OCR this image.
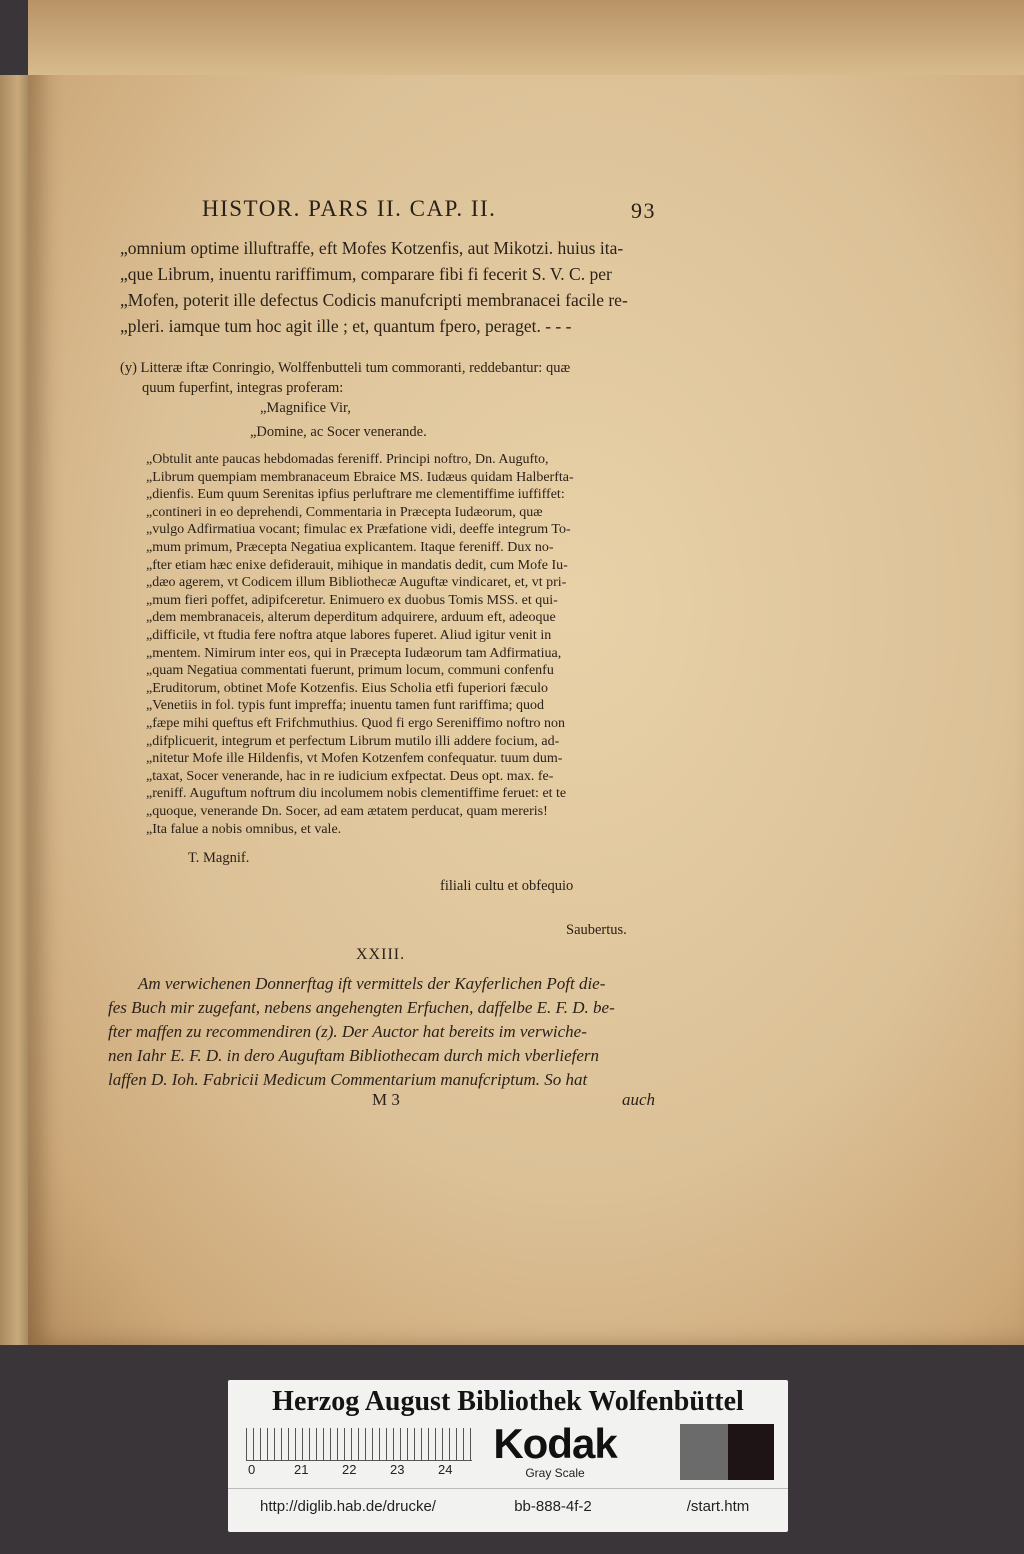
HISTOR. PARS II. CAP. II.	93
„omnium optime illuftraffe, eft Mofes Kotzenfis, aut Mikotzi. huius ita-
„que Librum, inuentu rariffimum, comparare fibi fi fecerit S. V. C. per
„Mofen, poterit ille defectus Codicis manufcripti membranacei facile re-
„pleri. iamque tum hoc agit ille ; et, quantum fpero, peraget. - - -
(y) Litteræ iftæ Conringio, Wolffenbutteli tum commoranti, reddebantur: quæ
quum fuperfint, integras proferam:
„Magnifice Vir,
„Domine, ac Socer venerande.
„Obtulit ante paucas hebdomadas fereniff. Principi noftro, Dn. Augufto,
„Librum quempiam membranaceum Ebraice MS. Iudæus quidam Halberfta-
„dienfis. Eum quum Serenitas ipfius perluftrare me clementiffime iuffiffet:
„contineri in eo deprehendi, Commentaria in Præcepta Iudæorum, quæ
„vulgo Adfirmatiua vocant; fimulac ex Præfatione vidi, deeffe integrum To-
„mum primum, Præcepta Negatiua explicantem. Itaque fereniff. Dux no-
„fter etiam hæc enixe defiderauit, mihique in mandatis dedit, cum Mofe Iu-
„dæo agerem, vt Codicem illum Bibliothecæ Auguftæ vindicaret, et, vt pri-
„mum fieri poffet, adipifceretur. Enimuero ex duobus Tomis MSS. et qui-
„dem membranaceis, alterum deperditum adquirere, arduum eft, adeoque
„difficile, vt ftudia fere noftra atque labores fuperet. Aliud igitur venit in
„mentem. Nimirum inter eos, qui in Præcepta Iudæorum tam Adfirmatiua,
„quam Negatiua commentati fuerunt, primum locum, communi confenfu
„Eruditorum, obtinet Mofe Kotzenfis. Eius Scholia etfi fuperiori fæculo
„Venetiis in fol. typis funt impreffa; inuentu tamen funt rariffima; quod
„fæpe mihi queftus eft Frifchmuthius. Quod fi ergo Sereniffimo noftro non
„difplicuerit, integrum et perfectum Librum mutilo illi addere focium, ad-
„nitetur Mofe ille Hildenfis, vt Mofen Kotzenfem confequatur. tuum dum-
„taxat, Socer venerande, hac in re iudicium exfpectat. Deus opt. max. fe-
„reniff. Auguftum noftrum diu incolumem nobis clementiffime feruet: et te
„quoque, venerande Dn. Socer, ad eam ætatem perducat, quam mereris!
„Ita falue a nobis omnibus, et vale.
T. Magnif.
filiali cultu et obfequio
Saubertus.
XXIII.
Am verwichenen Donnerftag ift vermittels der Kayferlichen Poft die-
fes Buch mir zugefant, nebens angehengten Erfuchen, daffelbe E. F. D. be-
fter maffen zu recommendiren (z). Der Auctor hat bereits im verwiche-
nen Iahr E. F. D. in dero Auguftam Bibliothecam durch mich vberliefern
laffen D. Ioh. Fabricii Medicum Commentarium manufcriptum. So hat
M 3	auch
Herzog August Bibliothek Wolfenbüttel
0	21	22	23	24
Kodak
Gray Scale
http://diglib.hab.de/drucke/	bb-888-4f-2	/start.htm
